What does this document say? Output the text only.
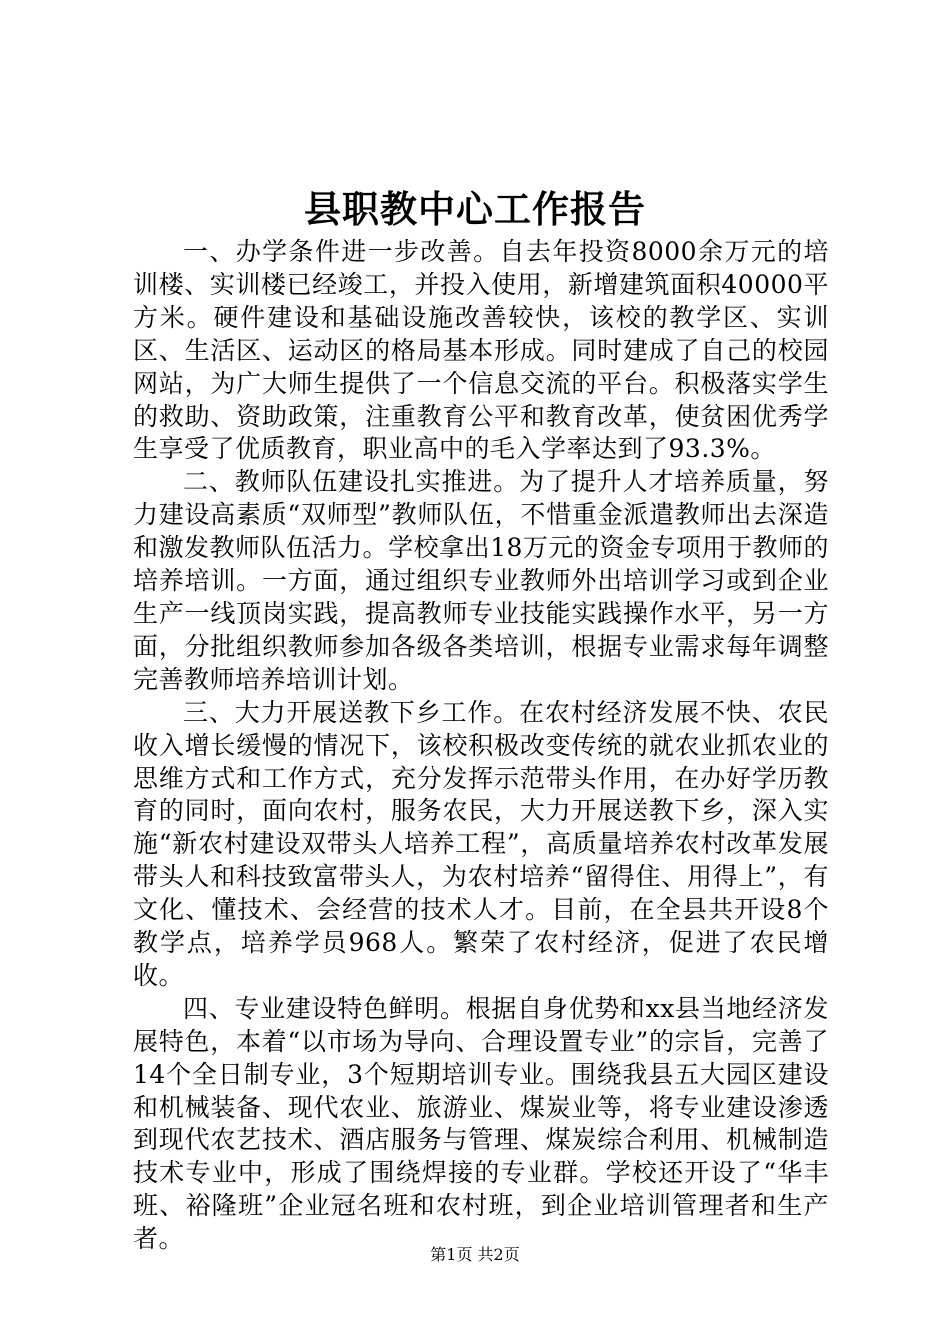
县职教中心工作报告

一、办学条件进一步改善。自去年投资8000余万元的培训楼、实训楼已经竣工，并投入使用，新增建筑面积40000平方米。硬件建设和基础设施改善较快，该校的教学区、实训区、生活区、运动区的格局基本形成。同时建成了自己的校园网站，为广大师生提供了一个信息交流的平台。积极落实学生的救助、资助政策，注重教育公平和教育改革，使贫困优秀学生享受了优质教育，职业高中的毛入学率达到了93.3%。

二、教师队伍建设扎实推进。为了提升人才培养质量，努力建设高素质“双师型”教师队伍，不惜重金派遣教师出去深造和激发教师队伍活力。学校拿出18万元的资金专项用于教师的培养培训。一方面，通过组织专业教师外出培训学习或到企业生产一线顶岗实践，提高教师专业技能实践操作水平，另一方面，分批组织教师参加各级各类培训，根据专业需求每年调整完善教师培养培训计划。

三、大力开展送教下乡工作。在农村经济发展不快、农民收入增长缓慢的情况下，该校积极改变传统的就农业抓农业的思维方式和工作方式，充分发挥示范带头作用，在办好学历教育的同时，面向农村，服务农民，大力开展送教下乡，深入实施“新农村建设双带头人培养工程”，高质量培养农村改革发展带头人和科技致富带头人，为农村培养“留得住、用得上”，有文化、懂技术、会经营的技术人才。目前，在全县共开设8个教学点，培养学员968人。繁荣了农村经济，促进了农民增收。

四、专业建设特色鲜明。根据自身优势和xx县当地经济发展特色，本着“以市场为导向、合理设置专业”的宗旨，完善了14个全日制专业，3个短期培训专业。围绕我县五大园区建设和机械装备、现代农业、旅游业、煤炭业等，将专业建设渗透到现代农艺技术、酒店服务与管理、煤炭综合利用、机械制造技术专业中，形成了围绕焊接的专业群。学校还开设了“华丰班、裕隆班”企业冠名班和农村班，到企业培训管理者和生产者。

第1页 共2页
